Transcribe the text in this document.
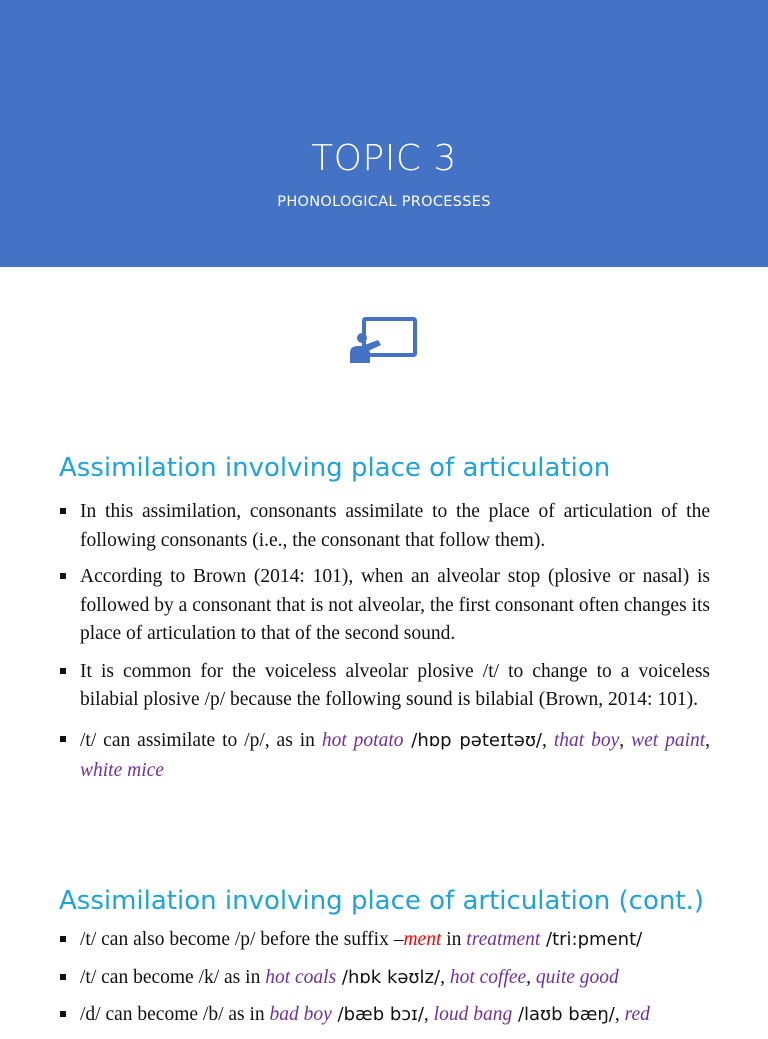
TOPIC 3
PHONOLOGICAL PROCESSES
Assimilation involving place of articulation
In this assimilation, consonants assimilate to the place of articulation of the following consonants (i.e., the consonant that follow them).
According to Brown (2014: 101), when an alveolar stop (plosive or nasal) is followed by a consonant that is not alveolar, the first consonant often changes its place of articulation to that of the second sound.
It is common for the voiceless alveolar plosive /t/ to change to a voiceless bilabial plosive /p/ because the following sound is bilabial (Brown, 2014: 101).
/t/ can assimilate to /p/, as in hot potato /hɒp pəteɪtəʊ/, that boy, wet paint, white mice
Assimilation involving place of articulation (cont.)
/t/ can also become /p/ before the suffix –ment in treatment /tri:pment/
/t/ can become /k/ as in hot coals /hɒk kəʊlz/, hot coffee, quite good
/d/ can become /b/ as in bad boy /bæb bɔɪ/, loud bang /laʊb bæŋ/, red
